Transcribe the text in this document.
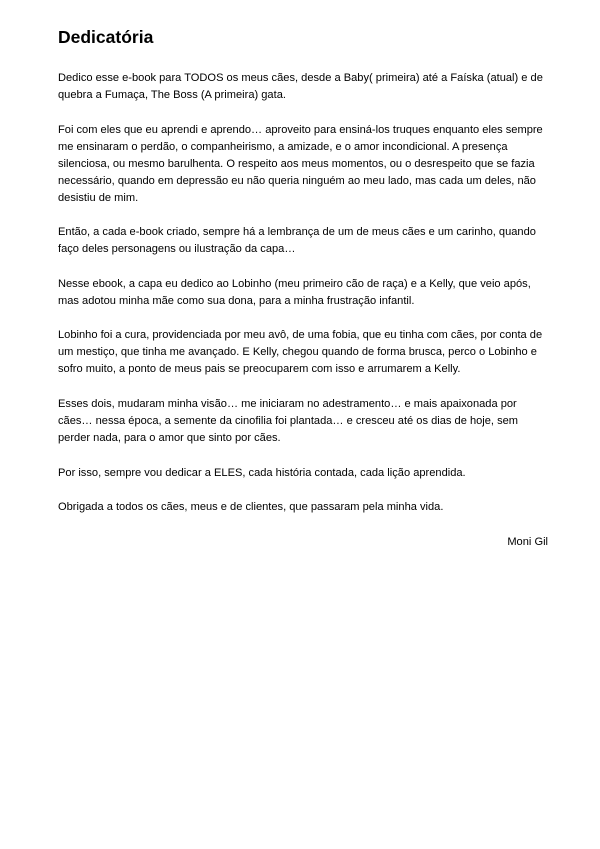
Dedicatória

Dedico esse e-book para TODOS os meus cães, desde a Baby( primeira) até a Faíska (atual) e de quebra a Fumaça, The Boss (A primeira) gata.

Foi com eles que eu aprendi e aprendo… aproveito para ensiná-los truques enquanto eles sempre me ensinaram o perdão, o companheirismo, a amizade, e o amor incondicional. A presença silenciosa, ou mesmo barulhenta. O respeito aos meus momentos, ou o desrespeito que se fazia necessário, quando em depressão eu não queria ninguém ao meu lado, mas cada um deles, não desistiu de mim.

Então, a cada e-book criado, sempre há a lembrança de um de meus cães e um carinho, quando faço deles personagens ou ilustração da capa…

Nesse ebook, a capa eu dedico ao Lobinho (meu primeiro cão de raça) e a Kelly, que veio após, mas adotou minha mãe como sua dona, para a minha frustração infantil.

Lobinho foi a cura, providenciada por meu avô, de uma fobia, que eu tinha com cães, por conta de um mestiço, que tinha me avançado. E Kelly, chegou quando de forma brusca, perco o Lobinho e sofro muito, a ponto de meus pais se preocuparem com isso e arrumarem a Kelly.

Esses dois, mudaram minha visão… me iniciaram no adestramento… e mais apaixonada por cães… nessa época, a semente da cinofilia foi plantada… e cresceu até os dias de hoje, sem perder nada, para o amor que sinto por cães.

Por isso, sempre vou dedicar a ELES, cada história contada, cada lição aprendida.

Obrigada a todos os cães, meus e de clientes, que passaram pela minha vida.

Moni Gil
